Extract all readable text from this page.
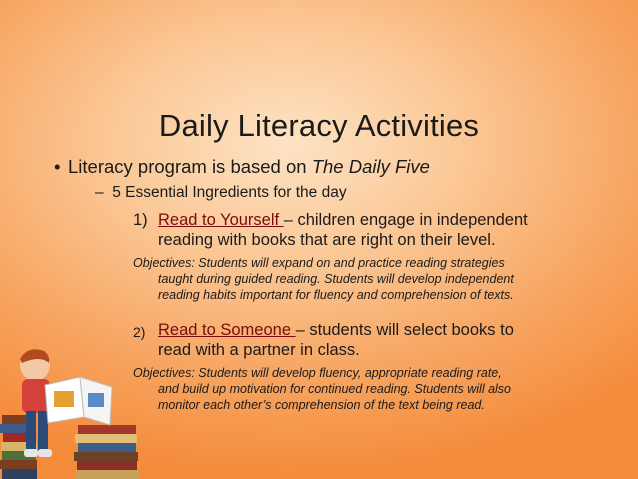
Daily Literacy Activities
• Literacy program is based on The Daily Five
–  5 Essential Ingredients for the day
1) Read to Yourself – children engage in independent
reading with books that are right on their level.
Objectives: Students will expand on and practice reading strategies
taught during guided reading. Students will develop independent
reading habits important for fluency and comprehension of texts.
2) Read to Someone – students will select books to
read with a partner in class.
Objectives: Students will develop fluency, appropriate reading rate,
and build up motivation for continued reading. Students will also
monitor each other’s comprehension of the text being read.
